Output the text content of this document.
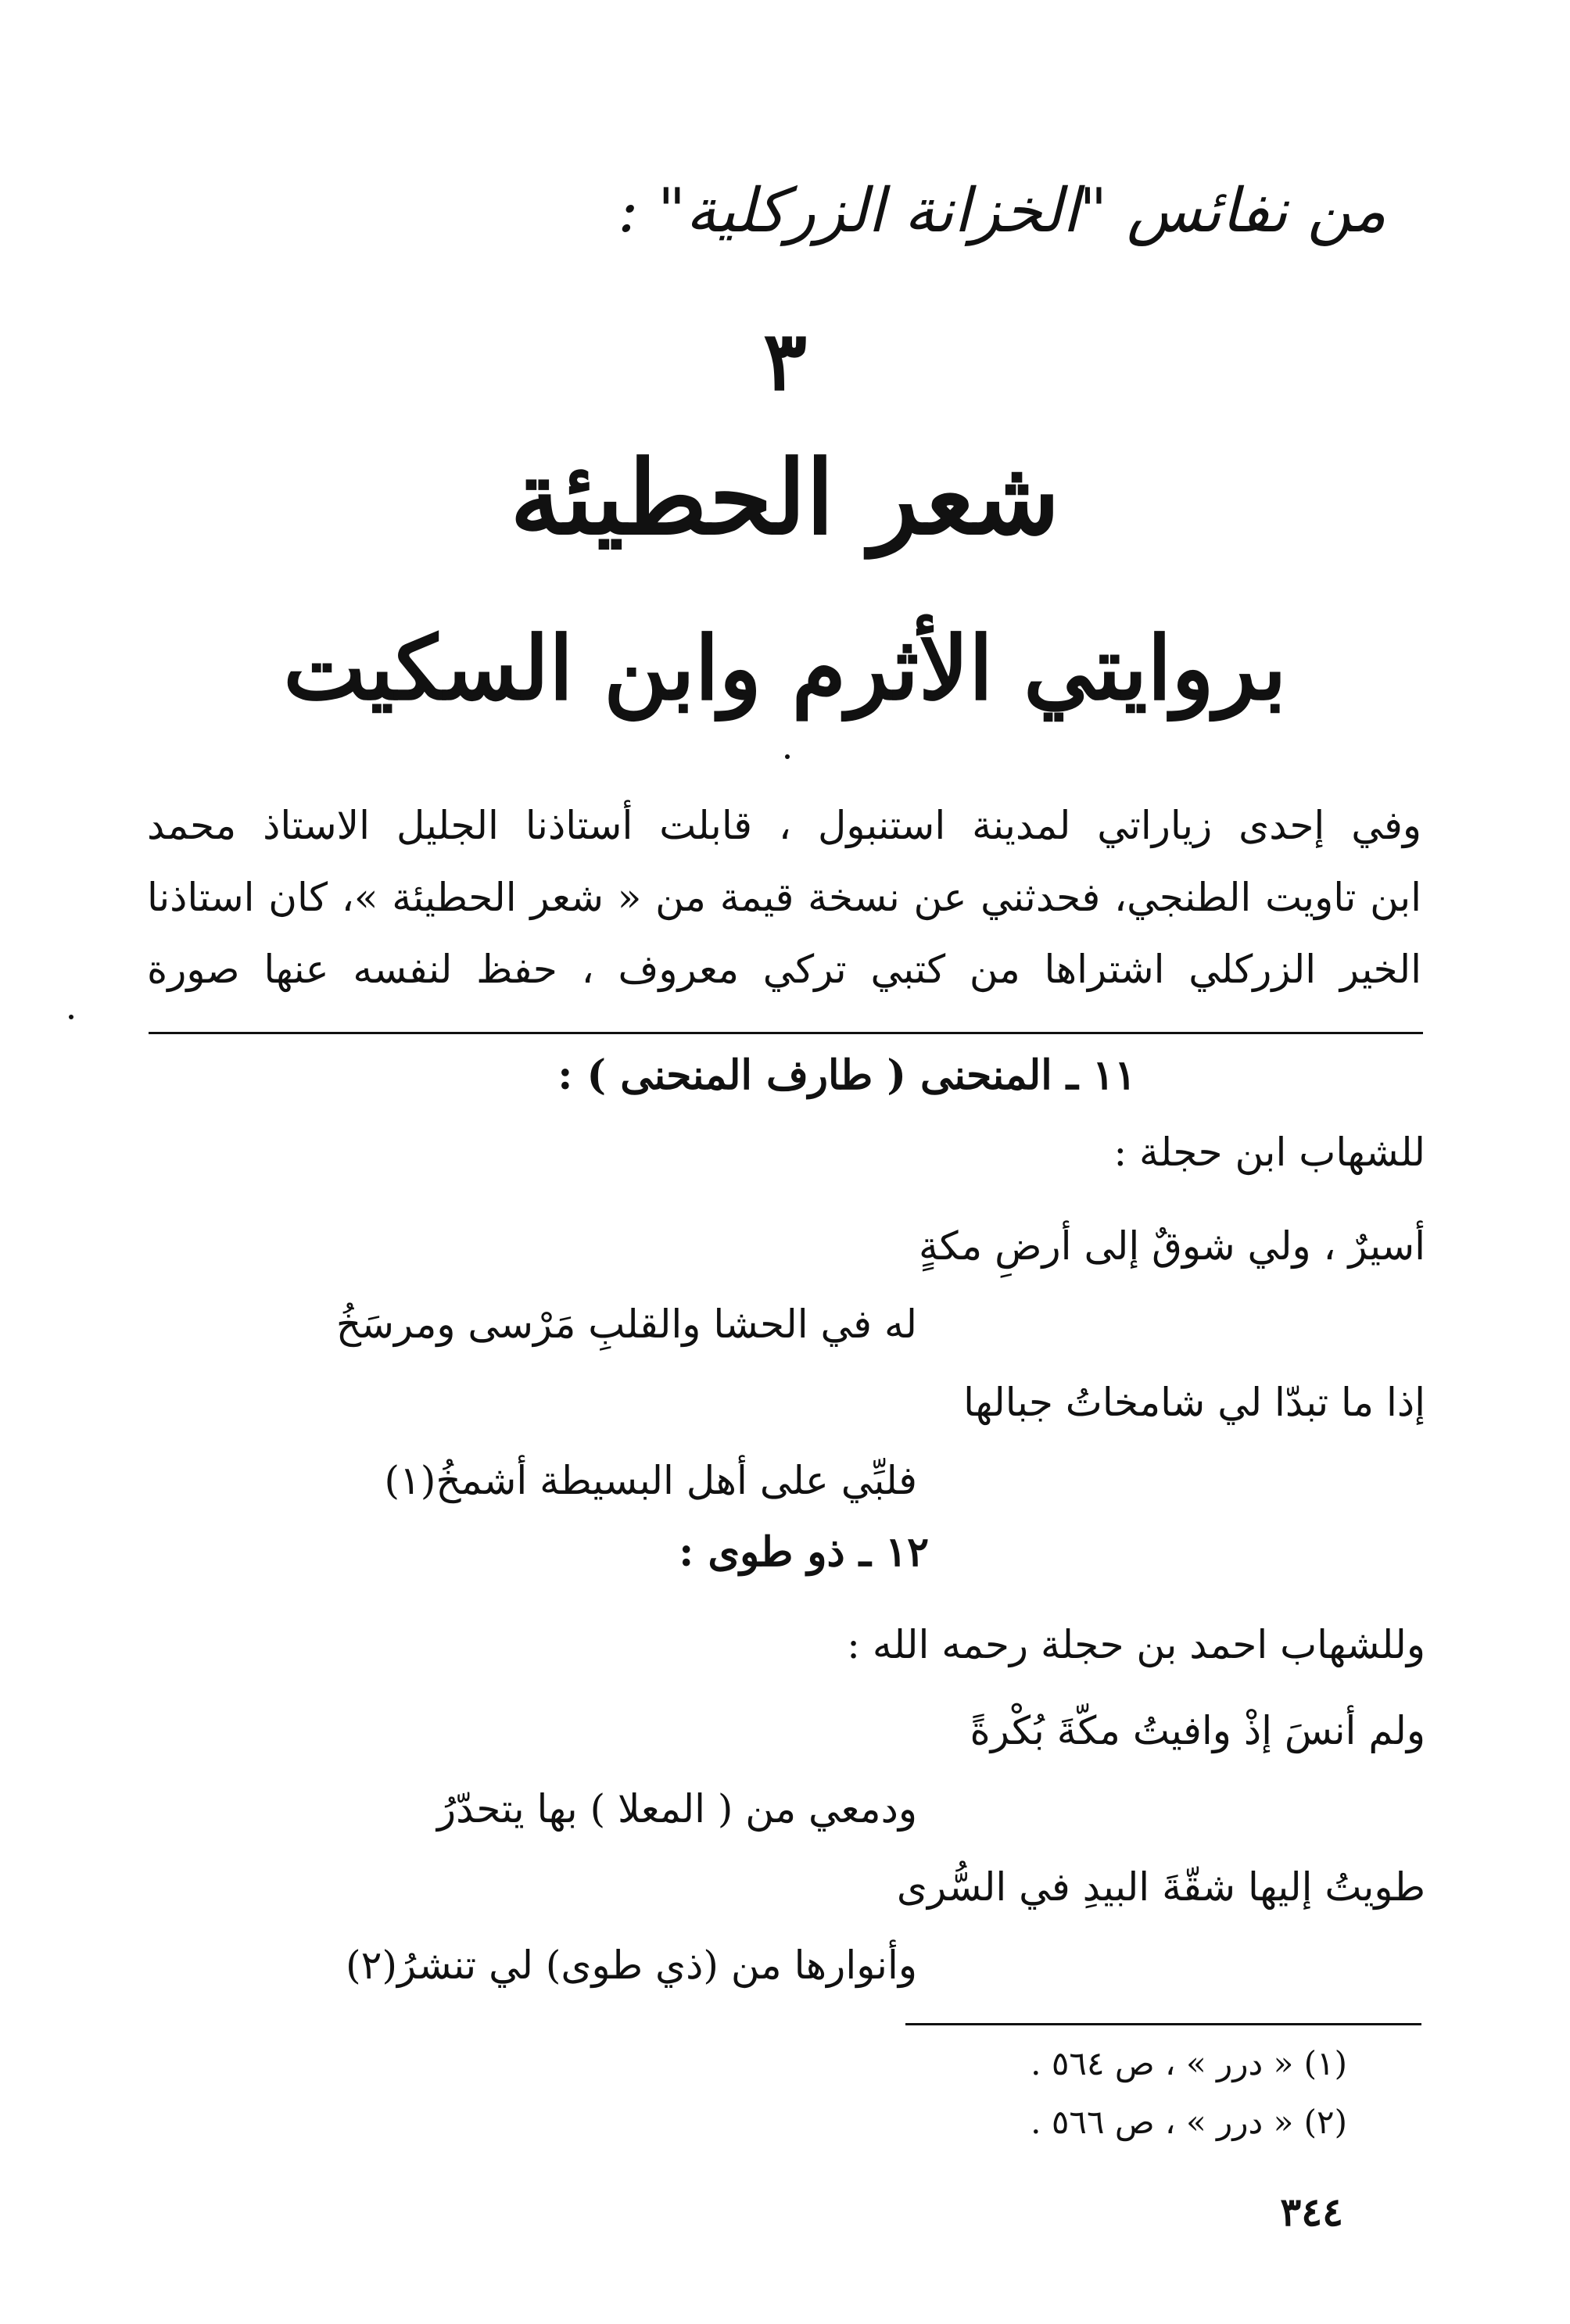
من نفائس "الخزانة الزركلية" :
٣
شعر الحطيئة
بروايتي الأثرم وابن السكيت
وفي إحدى زياراتي لمدينة استنبول ، قابلت أستاذنا الجليل الاستاذ محمد
ابن تاويت الطنجي، فحدثني عن نسخة قيمة من « شعر الحطيئة »، كان استاذنا
الخير الزركلي اشتراها من كتبي تركي معروف ، حفظ لنفسه عنها صورة
١١ ـ المنحنى ( طارف المنحنى ) :
للشهاب ابن حجلة :
أسيرٌ ، ولي شوقٌ إلى أرضِ مكةٍ
له في الحشا والقلبِ مَرْسى ومرسَخُ
إذا ما تبدّا لي شامخاتُ جبالها
فلبِّي على أهل البسيطة أشمخُ(١)
١٢ ـ ذو طوى :
وللشهاب احمد بن حجلة رحمه الله :
ولم أنسَ إذْ وافيتُ مكّةَ بُكْرةً
ودمعي من ( المعلا ) بها يتحدّرُ
طويتُ إليها شقّةَ البيدِ في السُّرى
وأنوارها من (ذي طوى) لي تنشرُ(٢)
(١) « درر » ، ص ٥٦٤ .
(٢) « درر » ، ص ٥٦٦ .
٣٤٤
